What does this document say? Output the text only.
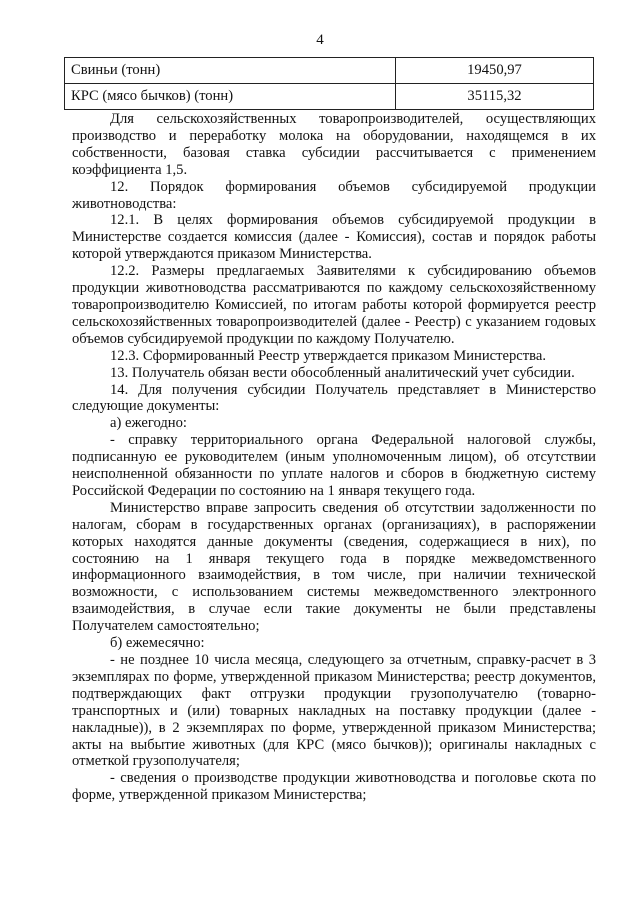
4
Свиньи (тонн)	19450,97
КРС (мясо бычков) (тонн)	35115,32

Для сельскохозяйственных товаропроизводителей, осуществляющих производство и переработку молока на оборудовании, находящемся в их собственности, базовая ставка субсидии рассчитывается с применением коэффициента 1,5.

12. Порядок формирования объемов субсидируемой продукции животноводства:

12.1. В целях формирования объемов субсидируемой продукции в Министерстве создается комиссия (далее - Комиссия), состав и порядок работы которой утверждаются приказом Министерства.

12.2. Размеры предлагаемых Заявителями к субсидированию объемов продукции животноводства рассматриваются по каждому сельскохозяйственному товаропроизводителю Комиссией, по итогам работы которой формируется реестр сельскохозяйственных товаропроизводителей (далее - Реестр) с указанием годовых объемов субсидируемой продукции по каждому Получателю.

12.3. Сформированный Реестр утверждается приказом Министерства.

13. Получатель обязан вести обособленный аналитический учет субсидии.

14. Для получения субсидии Получатель представляет в Министерство следующие документы:

а) ежегодно:

- справку территориального органа Федеральной налоговой службы, подписанную ее руководителем (иным уполномоченным лицом), об отсутствии неисполненной обязанности по уплате налогов и сборов в бюджетную систему Российской Федерации по состоянию на 1 января текущего года.

Министерство вправе запросить сведения об отсутствии задолженности по налогам, сборам в государственных органах (организациях), в распоряжении которых находятся данные документы (сведения, содержащиеся в них), по состоянию на 1 января текущего года в порядке межведомственного информационного взаимодействия, в том числе, при наличии технической возможности, с использованием системы межведомственного электронного взаимодействия, в случае если такие документы не были представлены Получателем самостоятельно;

б) ежемесячно:

- не позднее 10 числа месяца, следующего за отчетным, справку-расчет в 3 экземплярах по форме, утвержденной приказом Министерства; реестр документов, подтверждающих факт отгрузки продукции грузополучателю (товарно-транспортных и (или) товарных накладных на поставку продукции (далее - накладные)), в 2 экземплярах по форме, утвержденной приказом Министерства; акты на выбытие животных (для КРС (мясо бычков)); оригиналы накладных с отметкой грузополучателя;

- сведения о производстве продукции животноводства и поголовье скота по форме, утвержденной приказом Министерства;
